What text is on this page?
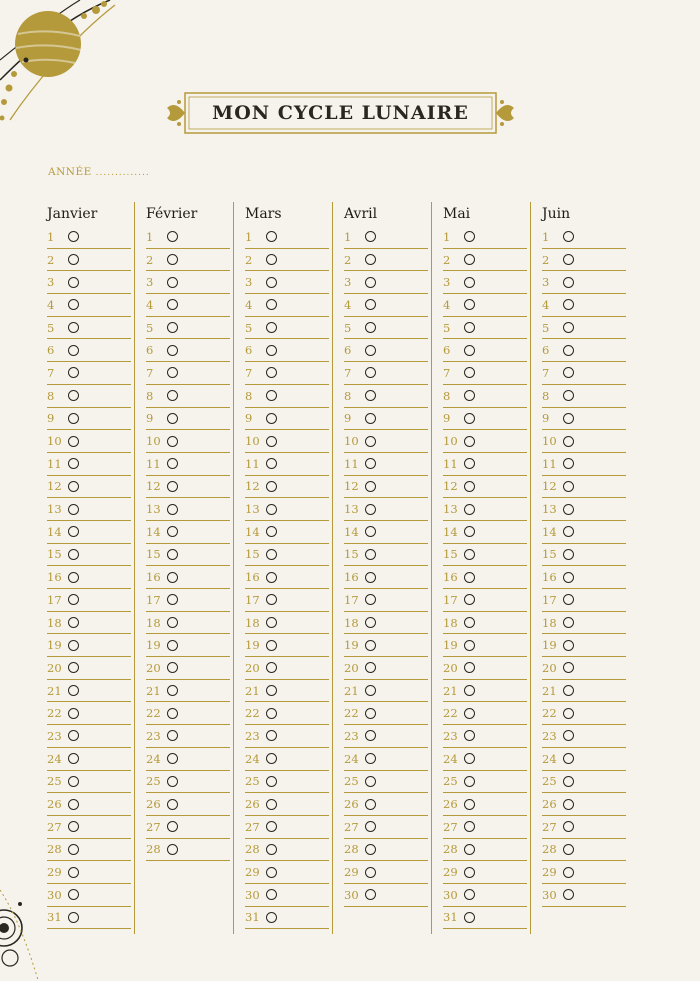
MON CYCLE LUNAIRE
ANNÉE ..............
Janvier
1
2
3
4
5
6
7
8
9
10
11
12
13
14
15
16
17
18
19
20
21
22
23
24
25
26
27
28
29
30
31
Février
1
2
3
4
5
6
7
8
9
10
11
12
13
14
15
16
17
18
19
20
21
22
23
24
25
26
27
28
Mars
1
2
3
4
5
6
7
8
9
10
11
12
13
14
15
16
17
18
19
20
21
22
23
24
25
26
27
28
29
30
31
Avril
1
2
3
4
5
6
7
8
9
10
11
12
13
14
15
16
17
18
19
20
21
22
23
24
25
26
27
28
29
30
Mai
1
2
3
4
5
6
7
8
9
10
11
12
13
14
15
16
17
18
19
20
21
22
23
24
25
26
27
28
29
30
31
Juin
1
2
3
4
5
6
7
8
9
10
11
12
13
14
15
16
17
18
19
20
21
22
23
24
25
26
27
28
29
30
